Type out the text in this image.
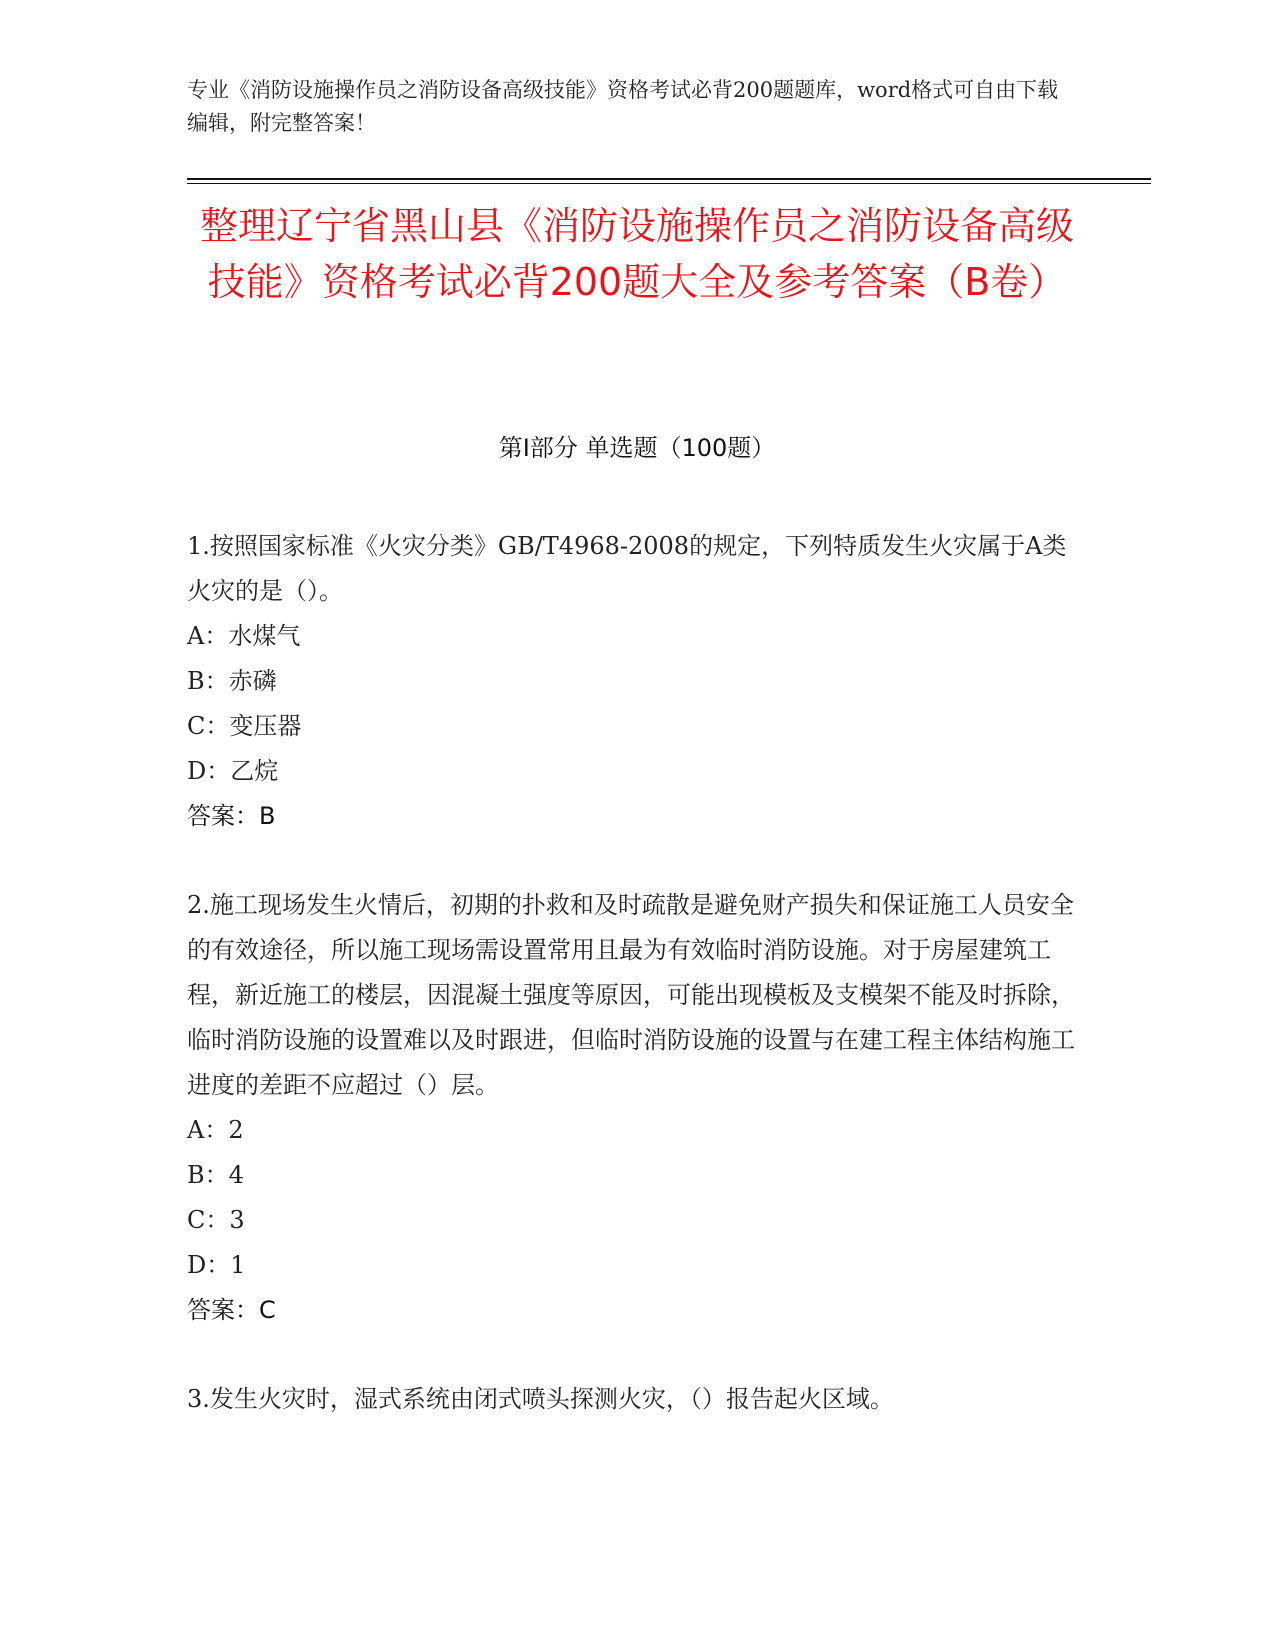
专业《消防设施操作员之消防设备高级技能》资格考试必背200题题库，word格式可自由下载编辑，附完整答案！
整理辽宁省黑山县《消防设施操作员之消防设备高级技能》资格考试必背200题大全及参考答案（B卷）
第Ⅰ部分 单选题（100题）

1.按照国家标准《火灾分类》GB/T4968-2008的规定，下列特质发生火灾属于A类火灾的是（）。

A：水煤气

B：赤磷

C：变压器

D：乙烷

答案：B

2.施工现场发生火情后，初期的扑救和及时疏散是避免财产损失和保证施工人员安全的有效途径，所以施工现场需设置常用且最为有效临时消防设施。对于房屋建筑工程，新近施工的楼层，因混凝土强度等原因，可能出现模板及支模架不能及时拆除，临时消防设施的设置难以及时跟进，但临时消防设施的设置与在建工程主体结构施工进度的差距不应超过（）层。

A：2

B：4

C：3

D：1

答案：C

3.发生火灾时，湿式系统由闭式喷头探测火灾，（）报告起火区域。
